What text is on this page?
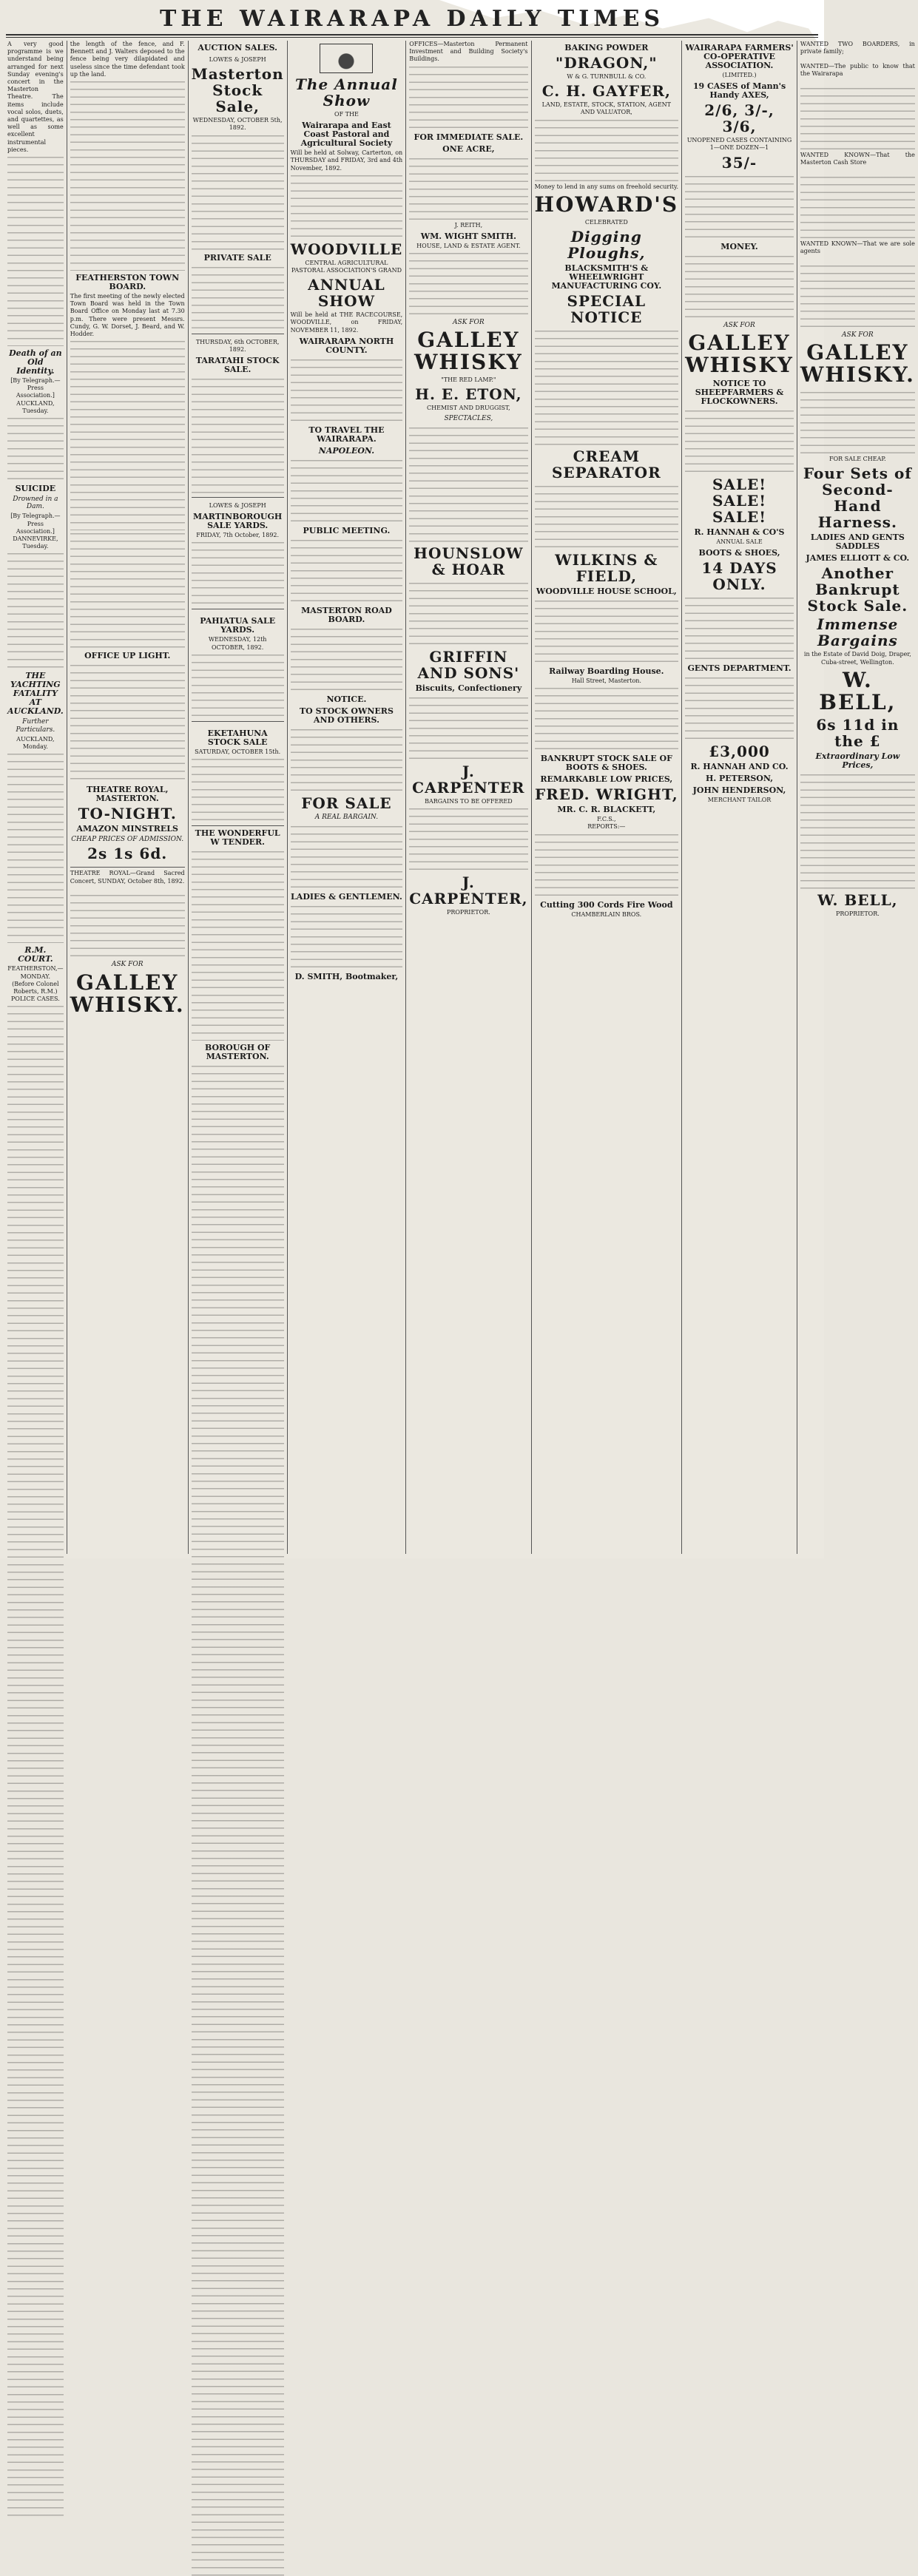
THE WAIRARAPA DAILY TIMES
A very good programme is we understand being arranged for next Sunday evening's concert in the Masterton Theatre. The items include vocal solos, duets, and quartettes, as well as some excellent instrumental pieces.
Death of an Old Identity.
[By Telegraph.—Press Association.]
AUCKLAND, Tuesday.
SUICIDE
Drowned in a Dam.
[By Telegraph.—Press Association.]
DANNEVIRKE, Tuesday.
THE YACHTING FATALITY AT AUCKLAND.
Further Particulars.
AUCKLAND, Monday.
R.M. COURT.
FEATHERSTON,—MONDAY.
(Before Colonel Roberts, R.M.)
POLICE CASES.
the length of the fence, and F. Bennett and J. Walters deposed to the fence being very dilapidated and useless since the time defendant took up the land.
FEATHERSTON TOWN BOARD.
The first meeting of the newly elected Town Board was held in the Town Board Office on Monday last at 7.30 p.m. There were present Messrs. Cundy, G. W. Dorset, J. Beard, and W. Hodder.
OFFICE UP LIGHT.
THEATRE ROYAL, MASTERTON.
TO-NIGHT.
AMAZON MINSTRELS
CHEAP PRICES OF ADMISSION.
2s 1s 6d.
THEATRE ROYAL—Grand Sacred Concert, SUNDAY, October 8th, 1892.
ASK FOR
GALLEY WHISKY.
AUCTION SALES.
LOWES & JOSEPH
Masterton Stock Sale,
WEDNESDAY, OCTOBER 5th, 1892.
PRIVATE SALE
THURSDAY, 6th OCTOBER, 1892.
TARATAHI STOCK SALE.
LOWES & JOSEPH
MARTINBOROUGH SALE YARDS.
FRIDAY, 7th October, 1892.
PAHIATUA SALE YARDS.
WEDNESDAY, 12th OCTOBER, 1892.
EKETAHUNA STOCK SALE
SATURDAY, OCTOBER 15th.
THE WONDERFUL W TENDER.
BOROUGH OF MASTERTON.
The Annual Show
OF THE
Wairarapa and East Coast Pastoral and Agricultural Society
Will be held at Solway, Carterton, on THURSDAY and FRIDAY, 3rd and 4th November, 1892.
WOODVILLE
CENTRAL AGRICULTURAL PASTORAL ASSOCIATION'S GRAND
ANNUAL SHOW
Will be held at THE RACECOURSE, WOODVILLE, on FRIDAY, NOVEMBER 11, 1892.
WAIRARAPA NORTH COUNTY.
TO TRAVEL THE WAIRARAPA.
NAPOLEON.
PUBLIC MEETING.
MASTERTON ROAD BOARD.
NOTICE.
TO STOCK OWNERS AND OTHERS.
FOR SALE
A REAL BARGAIN.
LADIES & GENTLEMEN.
D. SMITH, Bootmaker,
OFFICES—Masterton Permanent Investment and Building Society's Buildings.
FOR IMMEDIATE SALE.
ONE ACRE,
J. REITH,
WM. WIGHT SMITH.
HOUSE, LAND & ESTATE AGENT.
ASK FOR
GALLEY WHISKY
"THE RED LAMP."
H. E. ETON,
CHEMIST AND DRUGGIST,
SPECTACLES,
HOUNSLOW & HOAR
GRIFFIN AND SONS'
Biscuits, Confectionery
J. CARPENTER
BARGAINS TO BE OFFERED
J. CARPENTER,
PROPRIETOR.
BAKING POWDER
"DRAGON,"
W & G. TURNBULL & CO.
C. H. GAYFER,
LAND, ESTATE, STOCK, STATION, AGENT AND VALUATOR,
Money to lend in any sums on freehold security.
HOWARD'S
CELEBRATED
Digging Ploughs,
BLACKSMITH'S & WHEELWRIGHT MANUFACTURING COY.
SPECIAL NOTICE
CREAM SEPARATOR
WILKINS & FIELD,
WOODVILLE HOUSE SCHOOL,
Railway Boarding House.
Hall Street, Masterton.
BANKRUPT STOCK SALE OF BOOTS & SHOES.
REMARKABLE LOW PRICES,
FRED. WRIGHT,
MR. C. R. BLACKETT,
F.C.S.,
REPORTS:—
Cutting 300 Cords Fire Wood
CHAMBERLAIN BROS.
WAIRARAPA FARMERS' CO-OPERATIVE ASSOCIATION.
(LIMITED.)
19 CASES of Mann's Handy AXES,
2/6, 3/-, 3/6,
UNOPENED CASES CONTAINING 1—ONE DOZEN—1
35/-
MONEY.
ASK FOR
GALLEY WHISKY
NOTICE TO SHEEPFARMERS & FLOCKOWNERS.
SALE! SALE! SALE!
R. HANNAH & CO'S
ANNUAL SALE
BOOTS & SHOES,
14 DAYS ONLY.
GENTS DEPARTMENT.
£3,000
R. HANNAH AND CO.
H. PETERSON,
JOHN HENDERSON,
MERCHANT TAILOR
WANTED TWO BOARDERS, in private family;
WANTED—The public to know that the Wairarapa
WANTED KNOWN—That the Masterton Cash Store
WANTED KNOWN—That we are sole agents
ASK FOR
GALLEY WHISKY.
FOR SALE CHEAP.
Four Sets of Second-Hand Harness.
LADIES AND GENTS SADDLES
JAMES ELLIOTT & CO.
Another Bankrupt Stock Sale.
Immense Bargains
in the Estate of David Doig, Draper, Cuba-street, Wellington.
W. BELL,
6s 11d in the £
Extraordinary Low Prices,
W. BELL,
PROPRIETOR.
